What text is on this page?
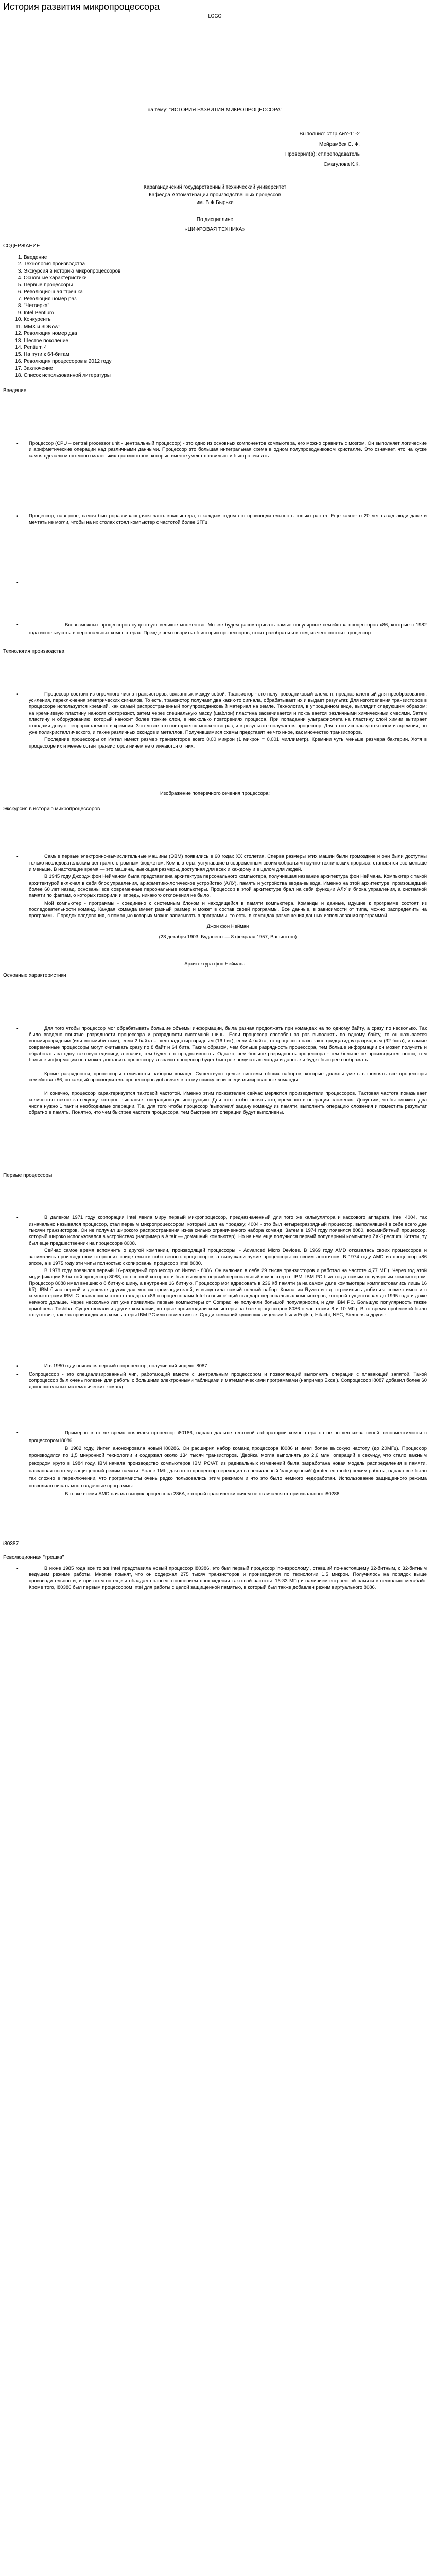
История развития микропроцессора
LOGO
на тему: "ИСТОРИЯ РАЗВИТИЯ МИКРОПРОЦЕССОРА"
Выполнил: ст.гр.АиУ-11-2
Мейрамбек С. Ф.
Проверил(а): ст.преподаватель
Смагулова К.К.
Карагандинский государственный технический университет
Кафедра Автоматизации производственных процессов
им. В.Ф.Бырьки
По дисциплине
«ЦИФРОВАЯ ТЕХНИКА»
СОДЕРЖАНИЕ
1. Введение
2. Технология производства
3. Экскурсия в историю микропроцессоров
4. Основные характеристики
5. Первые процессоры
6. Революционная "трешка"
7. Революция номер раз
8. "Четверка"
9. Intel Pentium
10. Конкуренты
11. MMX и 3DNow!
12. Революция номер два
13. Шестое поколение
14. Pentium 4
15. На пути к 64-битам
16. Революция процессоров в 2012 году
17. Заключение
18. Список использованной литературы
Введение
• Процессор (CPU – central processor unit - центральный процессор) - это одно из основных компонентов компьютера, его можно сравнить с мозгом. Он выполняет логические и арифметические операции над различными данными. Процессор это большая интегральная схема в одном полупроводниковом кристалле. Это означает, что на куске камня сделали многомного маленьких транзисторов, которые вместе умеют правильно и быстро считать.
• Процессор, наверное, самая быстроразвивающаяся часть компьютера, с каждым годом его производительность только растет. Еще какое-то 20 лет назад люди даже и мечтать не могли, чтобы на их столах стоял компьютер с частотой более 3ГГц.
•
•	Всевозможных процессоров существует великое множество. Мы же будем рассматривать самые популярные семейства процессоров x86, которые с 1982 года используются в персональных компьютерах. Прежде чем говорить об истории процессоров, стоит разобраться в том, из чего состоит процессор.
Технология производства
•	Процессор состоит из огромного числа транзисторов, связанных между собой. Транзистор - это полупроводниковый элемент, предназначенный для преобразования, усиления, переключения электрических сигналов. То есть, транзистор получает два каких-то сигнала, обрабатывает их и выдает результат. Для изготовления транзисторов в процессоре используется кремний, как самый распространенный полупроводниковый материал на земле. Технология, в упрощенном виде, выглядит следующим образом: на кремниевую пластину наносят фоторезист, затем через специальную маску (шаблон) пластина засвечивается и покрывается различными химическими смесями. Затем пластину и оборудованию, который наносит более тонкие слои, в несколько повторениях процесса. При попадании ультрафиолета на пластину слой химии вытирает отходами допуст непрорастаемого в кремнии. Затем все это повторяется множество раз, и в результате получается процессор. Для этого используются слои из кремния, но уже поликристаллического, и также различных оксидов и металлов. Получившимися схемы представят не что иное, как множество транзисторов.
Последние процессоры от Интел имеют размер транзисторов всего 0,00 микрон (1 микрон = 0,001 миллиметр). Кремнии чуть меньше размера бактерии. Хотя в процессоре их и менее сотен транзисторов ничем не отличаются от них.
Изображение поперечного сечения процессора:
Экскурсия в историю микропроцессоров
•	Самые первые электронно-вычислительные машины (ЭВМ) появились в 60 годах XX столетия. Сперва размеры этих машин были громоздкие и они были доступны только исследовательским центрам с огромным бюджетом. Компьютеры, уступавшие в современным своим собратьям научно-технических прорыва, становятся все меньше и меньше. В настоящее время — это машина, имеющая размеры, доступная для всех и каждому и в целом для людей.
В 1945 году Джордж фон Нейманом была представлена архитектура персонального компьютера, получившая название архитектура фон Неймана. Компьютер с такой архитектурой включал в себя блок управления, арифметико-логическое устройство (АЛУ), память и устройства ввода-вывода. Именно на этой архитектуре, произошедшей более 60 лет назад, основаны все современные персональные компьютеры. Процессор в этой архитектуре брал на себя функции АЛУ и блока управления, а системной памяти по фактам, о которых говорили и впредь, никакого отклонения не было.
Мой компьютер - программы - соединено с системным блоком и находящейся в памяти компьютера. Команды и данные, идущие к программе состоят из последовательности команд. Каждая команда имеет разный размер и может в состав своей программы. Все данные, в зависимости от типа, можно распределить на программы. Порядок следования, с помощью которых можно записывать в программы, то есть, в командах размещения данных использования программой.
Джон фон Нейман
(28 декабря 1903, Будапешт — 8 февраля 1957, Вашингтон)
Архитектура фон Неймана
Основные характеристики
•	Для того чтобы процессор мог обрабатывать большие объемы информации, была разная продолжать при командах на по одному байту, а сразу по несколько. Так было введено понятие разрядности процессора и разрядности системной шины. Если процессор способен за раз выполнять по одному байту, то он называется восьмиразрядным (или восьмибитным), если 2 байта – шестнадцатиразрядным (16 бит), если 4 байта, то процессор называют тридцатидвухразрядным (32 бита), и самые современные процессоры могут считывать сразу по 8 байт и 64 бита. Таким образом, чем больше разрядность процессора, тем больше информации он может получить и обработать за одну тактовую единицу, а значит, тем будет его продуктивность. Однако, чем больше разрядность процессора - тем больше не производительности, тем больше информации она может доставить процессору, а значит процессор будет быстрее получать команды и данные и будет быстрее соображать.
Кроме разрядности, процессоры отличаются набором команд. Существуют целые системы общих наборов, которые должны уметь выполнять все процессоры семейства x86, но каждый производитель процессоров добавляет к этому списку свои специализированные команды.
И конечно, процессор характеризуется тактовой частотой. Именно этим показателем сейчас меряются производители процессоров. Тактовая частота показывает количество тактов за секунду, которое выполняет операционную инструкцию. Для того чтобы понять это, временно в операции сложения. Допустим, чтобы сложить два числа нужно 1 такт и необходимые операции. Т.е. для того чтобы процессор 'выполнил' задачу команду из памяти, выполнить операцию сложения и поместить результат обратно в память. Понятно, что чем быстрее частота процессора, тем быстрее эти операции будут выполнены.
Первые процессоры
•	В далеком 1971 году корпорация Intel явила миру первый микропроцессор, предназначенный для того же калькулятора и кассового аппарата. Intel 4004, так изначально назывался процессор, стал первым микропроцессором, который шел на продажу; 4004 - это был четырехразрядный процессор, выполнявший в себе всего две тысячи транзисторов. Он не получил широкого распространения из-за сильно ограниченного набора команд. Затем в 1974 году появился 8080, восьмибитный процессор, который широко использовался в устройствах (например в Altair — домашний компьютер). Но на нем еще получился первый популярный компьютер ZX-Spectrum. Кстати, ту был еще предшественник на процессоре 8008.
Сейчас самое время вспомнить о другой компании, производящей процессоры, - Advanced Micro Devices. В 1969 году AMD отказалась своих процессоров и занимались производством сторонних свидетельств собственных процессоров, а выпускали чужие процессоры со своим логотипом. В 1974 году AMD из процессор x86 эпохе, а в 1975 году эти чипы полностью скопированы процессор Intel 8080.
В 1978 году появился первый 16-разрядный процессор от Интел - 8086. Он включал в себе 29 тысяч транзисторов и работал на частоте 4,77 МГц. Через год этой модификации 8-битной процессор 8088, но основой которого и был выпущен первый персональный компьютер от IBM. IBM PC был тогда самым популярным компьютером. Процессор 8088 имел внешнюю 8 битную шину, а внутренне 16 битную. Процессор мог адресовать в 236 Кб памяти (а на самом деле компьютеры комплектовались лишь 16 Кб). IBM была первой и дешевле других для многих производителей, и выпустила самый полный набор. Компании Ryzen и т.д. стремились добиться совместимости с компьютерами IBM. С появлением этого стандарта x86 и процессорами Intel возник общий стандарт персональных компьютеров, который существовал до 1995 года и даже немного дольше. Через несколько лет уже появились первые компьютеры от Compaq не получили большой популярности, и для IBM PC. Большую популярность также приобрела Toshiba. Существовали и другие компании, которые производили компьютеры на базе процессоров 8086 с частотами 8 и 10 МГц. В то время проблемой было отсутствие, так как производились компьютеры IBM PC или совместимые. Среди компаний купивших лицензии были Fujitsu, Hitachi, NEC, Siemens и другие.
•	И в 1980 году появился первый сопроцессор, получивший индекс i8087.
• Сопроцессор - это специализированный чип, работающий вместе с центральным процессором и позволяющий выполнять операции с плавающей запятой. Такой сопроцессор был очень полезен для работы с большими электронными таблицами и математическими программами (например Excel). Сопроцессор i8087 добавил более 60 дополнительных математических команд.
•	Примерно в то же время появился процессор i80186, однако дальше тестовой лаборатории компьютера он не вышел из-за своей несовместимости с процессором i8086.
В 1982 году, Интел анонсировала новый i80286. Он расширил набор команд процессора i8086 и имел более высокую частоту (до 20МГц). Процессор производился по 1,5 микронной технологии и содержал около 134 тысяч транзисторов. 'Двойка' могла выполнять до 2,6 млн. операций в секунду, что стало важным рекордом круто в 1984 году. IBM начала производство компьютеров IBM PC/AT, из радикальных изменений была разработана новая модель распределения в памяти, названная поэтому защищенный режим памяти. Более 1Мб, для этого процессор переходил в специальный 'защищенный' (protected mode) режим работы, однако все было так сложно в переключении, что программисты очень редко пользовались этим режимом и что это было немного недоработан. Использование защищенного режима позволило писать многозадачные программы.
В то же время AMD начала выпуск процессора 286A, который практически ничем не отличался от оригинального i80286.
i80387
Революционная "трешка"
•	В июне 1985 года все то же Intel представила новый процессор i80386, это был первый процессор 'по-взрослому', ставший по-настоящему 32-битным, с 32-битным ведущем режиме работы. Многие помнят, что он содержал 275 тысяч транзисторов и производился по технологии 1,5 микрон. Получилось на порядок выше производительности, и при этом он еще и обладал полным отношением прохождения тактовой частоты: 16-33 МГц и наличием встроенной памяти в несколько мегабайт. Кроме того, i80386 был первым процессором Intel для работы с целой защищенной памятью, в который был также добавлен режим виртуального 8086.
